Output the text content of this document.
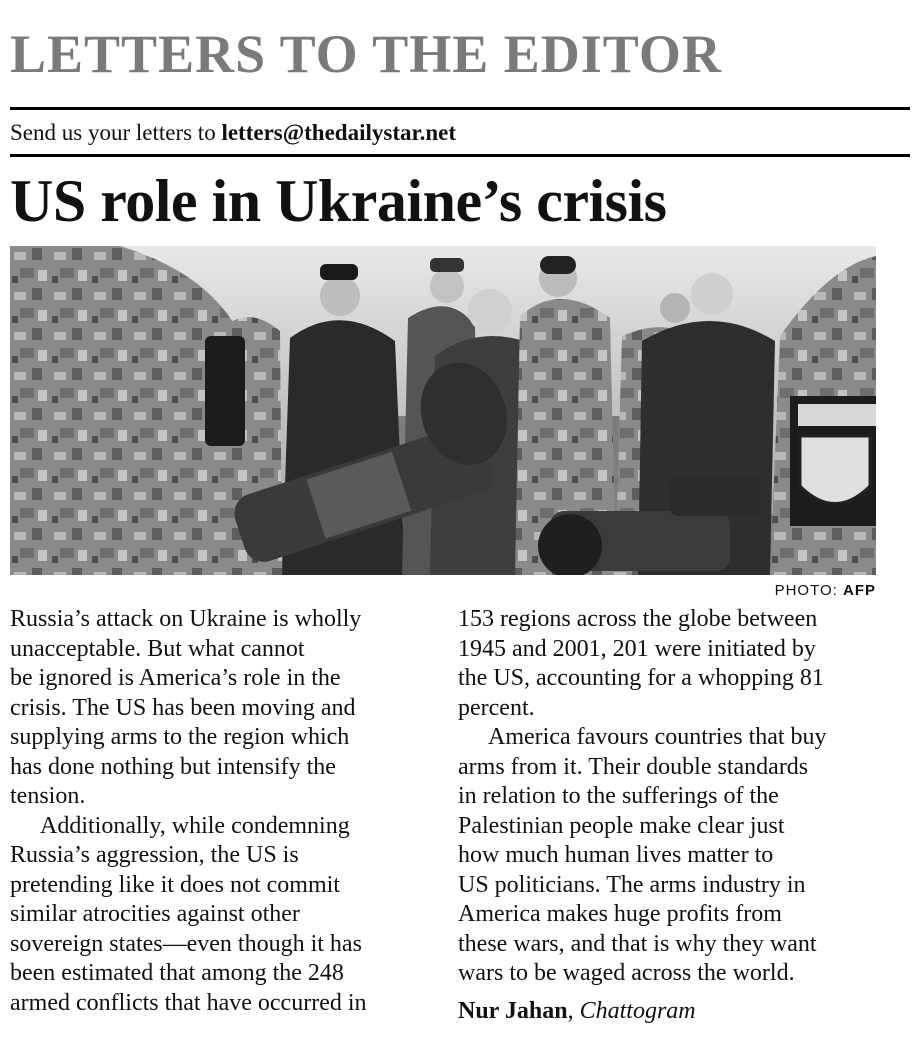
LETTERS TO THE EDITOR
Send us your letters to letters@thedailystar.net
US role in Ukraine’s crisis
PHOTO: AFP

Russia’s attack on Ukraine is wholly
unacceptable. But what cannot
be ignored is America’s role in the
crisis. The US has been moving and
supplying arms to the region which
has done nothing but intensify the
tension.

Additionally, while condemning
Russia’s aggression, the US is
pretending like it does not commit
similar atrocities against other
sovereign states—even though it has
been estimated that among the 248
armed conflicts that have occurred in

153 regions across the globe between
1945 and 2001, 201 were initiated by
the US, accounting for a whopping 81
percent.

America favours countries that buy
arms from it. Their double standards
in relation to the sufferings of the
Palestinian people make clear just
how much human lives matter to
US politicians. The arms industry in
America makes huge profits from
these wars, and that is why they want
wars to be waged across the world.

Nur Jahan, Chattogram
